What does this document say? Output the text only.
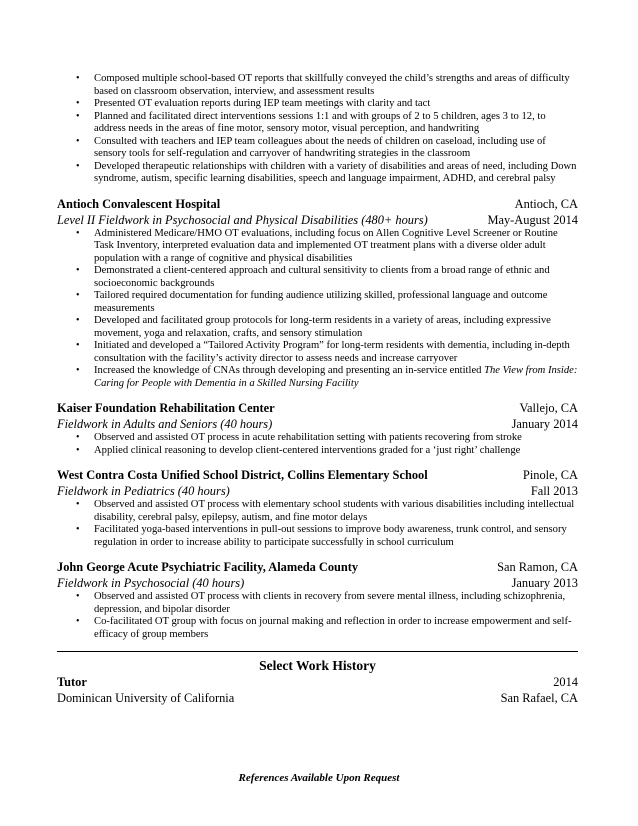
• Composed multiple school-based OT reports that skillfully conveyed the child’s strengths and areas of difficulty based on classroom observation, interview, and assessment results
• Presented OT evaluation reports during IEP team meetings with clarity and tact
• Planned and facilitated direct interventions sessions 1:1 and with groups of 2 to 5 children, ages 3 to 12, to address needs in the areas of fine motor, sensory motor, visual perception, and handwriting
• Consulted with teachers and IEP team colleagues about the needs of children on caseload, including use of sensory tools for self-regulation and carryover of handwriting strategies in the classroom
• Developed therapeutic relationships with children with a variety of disabilities and areas of need, including Down syndrome, autism, specific learning disabilities, speech and language impairment, ADHD, and cerebral palsy
Antioch Convalescent Hospital	Antioch, CA
Level II Fieldwork in Psychosocial and Physical Disabilities (480+ hours)	May-August 2014
• Administered Medicare/HMO OT evaluations, including focus on Allen Cognitive Level Screener or Routine Task Inventory, interpreted evaluation data and implemented OT treatment plans with a diverse older adult population with a range of cognitive and physical disabilities
• Demonstrated a client-centered approach and cultural sensitivity to clients from a broad range of ethnic and socioeconomic backgrounds
• Tailored required documentation for funding audience utilizing skilled, professional language and outcome measurements
• Developed and facilitated group protocols for long-term residents in a variety of areas, including expressive movement, yoga and relaxation, crafts, and sensory stimulation
• Initiated and developed a “Tailored Activity Program” for long-term residents with dementia, including in-depth consultation with the facility’s activity director to assess needs and increase carryover
• Increased the knowledge of CNAs through developing and presenting an in-service entitled The View from Inside: Caring for People with Dementia in a Skilled Nursing Facility
Kaiser Foundation Rehabilitation Center	Vallejo, CA
Fieldwork in Adults and Seniors (40 hours)	January 2014
• Observed and assisted OT process in acute rehabilitation setting with patients recovering from stroke
• Applied clinical reasoning to develop client-centered interventions graded for a ‘just right’ challenge
West Contra Costa Unified School District, Collins Elementary School	Pinole, CA
Fieldwork in Pediatrics (40 hours)	Fall 2013
• Observed and assisted OT process with elementary school students with various disabilities including intellectual disability, cerebral palsy, epilepsy, autism, and fine motor delays
• Facilitated yoga-based interventions in pull-out sessions to improve body awareness, trunk control, and sensory regulation in order to increase ability to participate successfully in school curriculum
John George Acute Psychiatric Facility, Alameda County	San Ramon, CA
Fieldwork in Psychosocial (40 hours)	January 2013
• Observed and assisted OT process with clients in recovery from severe mental illness, including schizophrenia, depression, and bipolar disorder
• Co-facilitated OT group with focus on journal making and reflection in order to increase empowerment and self-efficacy of group members
Select Work History
Tutor	2014
Dominican University of California	San Rafael, CA
References Available Upon Request
